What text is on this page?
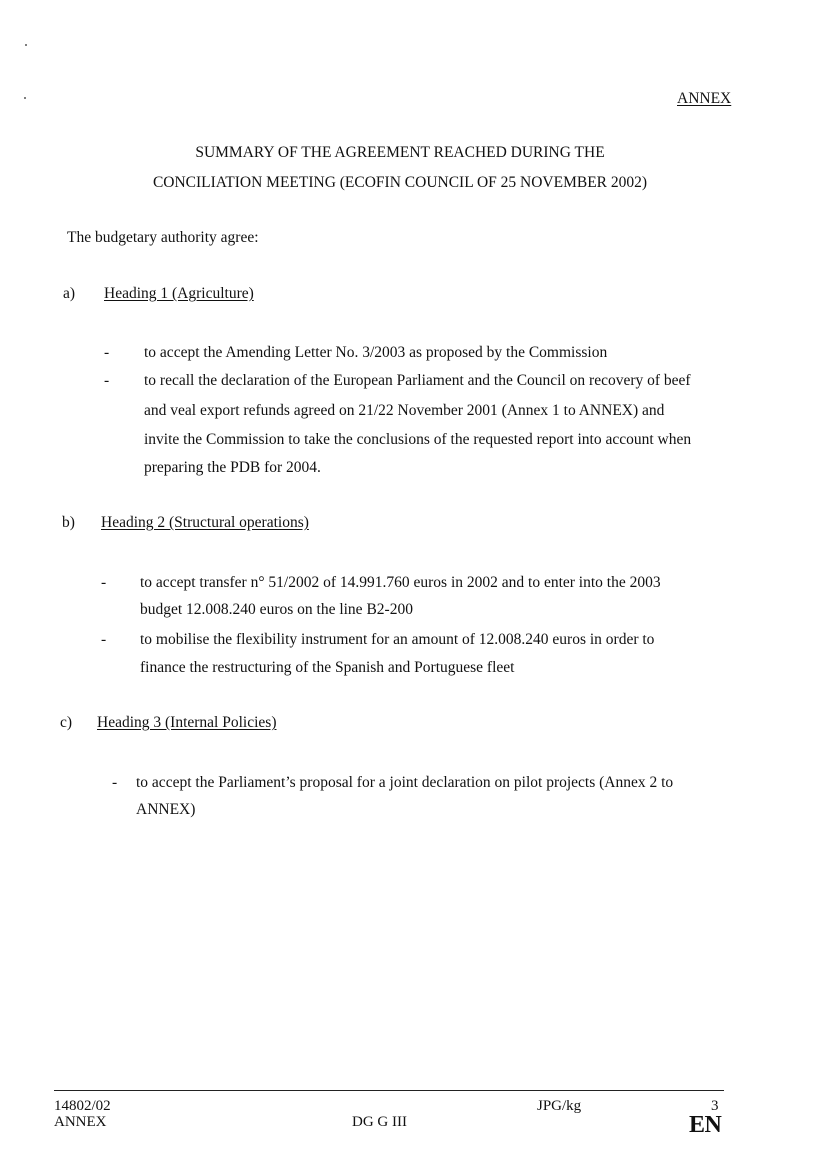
ANNEX
SUMMARY OF THE AGREEMENT REACHED DURING THE
CONCILIATION MEETING (ECOFIN COUNCIL OF 25 NOVEMBER 2002)
The budgetary authority agree:
a) Heading 1 (Agriculture)
- to accept the Amending Letter No. 3/2003 as proposed by the Commission
- to recall the declaration of the European Parliament and the Council on recovery of beef
and veal export refunds agreed on 21/22 November 2001 (Annex 1 to ANNEX) and
invite the Commission to take the conclusions of the requested report into account when
preparing the PDB for 2004.
b) Heading 2 (Structural operations)
- to accept transfer n° 51/2002 of 14.991.760 euros in 2002 and to enter into the 2003
budget 12.008.240 euros on the line B2-200
- to mobilise the flexibility instrument for an amount of 12.008.240 euros in order to
finance the restructuring of the Spanish and Portuguese fleet
c) Heading 3 (Internal Policies)
- to accept the Parliament’s proposal for a joint declaration on pilot projects (Annex 2 to
ANNEX)
14802/02
ANNEX	DG G III
JPG/kg	3
EN
